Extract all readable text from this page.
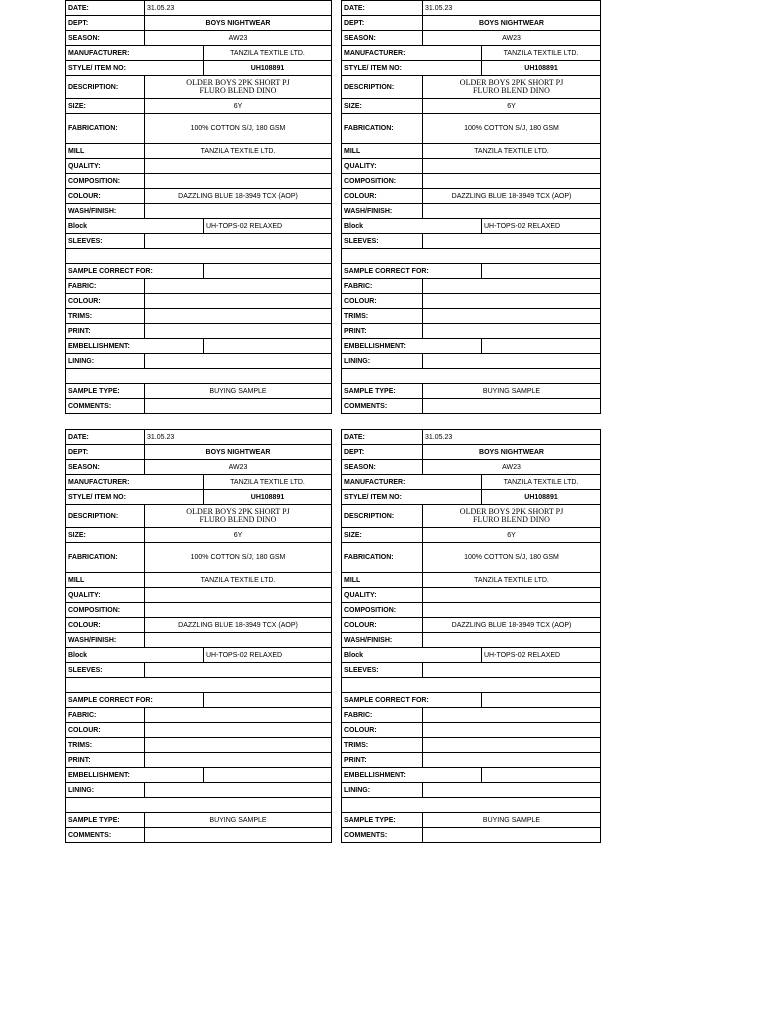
DATE:	31.05.23	
DEPT:	BOYS NIGHTWEAR	
SEASON:	AW23	
MANUFACTURER:		TANZILA TEXTILE LTD.
STYLE/ ITEM NO:		UH108891
DESCRIPTION:	OLDER BOYS 2PK SHORT PJ
FLURO BLEND DINO	

SIZE:	6Y	
FABRICATION:	100% COTTON S/J, 180 GSM	
MILL	TANZILA TEXTILE LTD.	
QUALITY:		
COMPOSITION:		
COLOUR:	DAZZLING BLUE 18-3949 TCX (AOP)	
WASH/FINISH:		
Block		UH-TOPS-02 RELAXED
SLEEVES:		

SAMPLE CORRECT FOR:		
FABRIC:		
COLOUR:		
TRIMS:		
PRINT:		
EMBELLISHMENT:		
LINING:		

SAMPLE TYPE:	BUYING SAMPLE	
COMMENTS:		
DATE:	31.05.23	
DEPT:	BOYS NIGHTWEAR	
SEASON:	AW23	
MANUFACTURER:		TANZILA TEXTILE LTD.
STYLE/ ITEM NO:		UH108891
DESCRIPTION:	OLDER BOYS 2PK SHORT PJ
FLURO BLEND DINO	

SIZE:	6Y	
FABRICATION:	100% COTTON S/J, 180 GSM	
MILL	TANZILA TEXTILE LTD.	
QUALITY:		
COMPOSITION:		
COLOUR:	DAZZLING BLUE 18-3949 TCX (AOP)	
WASH/FINISH:		
Block		UH-TOPS-02 RELAXED
SLEEVES:		

SAMPLE CORRECT FOR:		
FABRIC:		
COLOUR:		
TRIMS:		
PRINT:		
EMBELLISHMENT:		
LINING:		

SAMPLE TYPE:	BUYING SAMPLE	
COMMENTS:		
DATE:	31.05.23	
DEPT:	BOYS NIGHTWEAR	
SEASON:	AW23	
MANUFACTURER:		TANZILA TEXTILE LTD.
STYLE/ ITEM NO:		UH108891
DESCRIPTION:	OLDER BOYS 2PK SHORT PJ
FLURO BLEND DINO	

SIZE:	6Y	
FABRICATION:	100% COTTON S/J, 180 GSM	
MILL	TANZILA TEXTILE LTD.	
QUALITY:		
COMPOSITION:		
COLOUR:	DAZZLING BLUE 18-3949 TCX (AOP)	
WASH/FINISH:		
Block		UH-TOPS-02 RELAXED
SLEEVES:		

SAMPLE CORRECT FOR:		
FABRIC:		
COLOUR:		
TRIMS:		
PRINT:		
EMBELLISHMENT:		
LINING:		

SAMPLE TYPE:	BUYING SAMPLE	
COMMENTS:		
DATE:	31.05.23	
DEPT:	BOYS NIGHTWEAR	
SEASON:	AW23	
MANUFACTURER:		TANZILA TEXTILE LTD.
STYLE/ ITEM NO:		UH108891
DESCRIPTION:	OLDER BOYS 2PK SHORT PJ
FLURO BLEND DINO	

SIZE:	6Y	
FABRICATION:	100% COTTON S/J, 180 GSM	
MILL	TANZILA TEXTILE LTD.	
QUALITY:		
COMPOSITION:		
COLOUR:	DAZZLING BLUE 18-3949 TCX (AOP)	
WASH/FINISH:		
Block		UH-TOPS-02 RELAXED
SLEEVES:		

SAMPLE CORRECT FOR:		
FABRIC:		
COLOUR:		
TRIMS:		
PRINT:		
EMBELLISHMENT:		
LINING:		

SAMPLE TYPE:	BUYING SAMPLE	
COMMENTS:		
